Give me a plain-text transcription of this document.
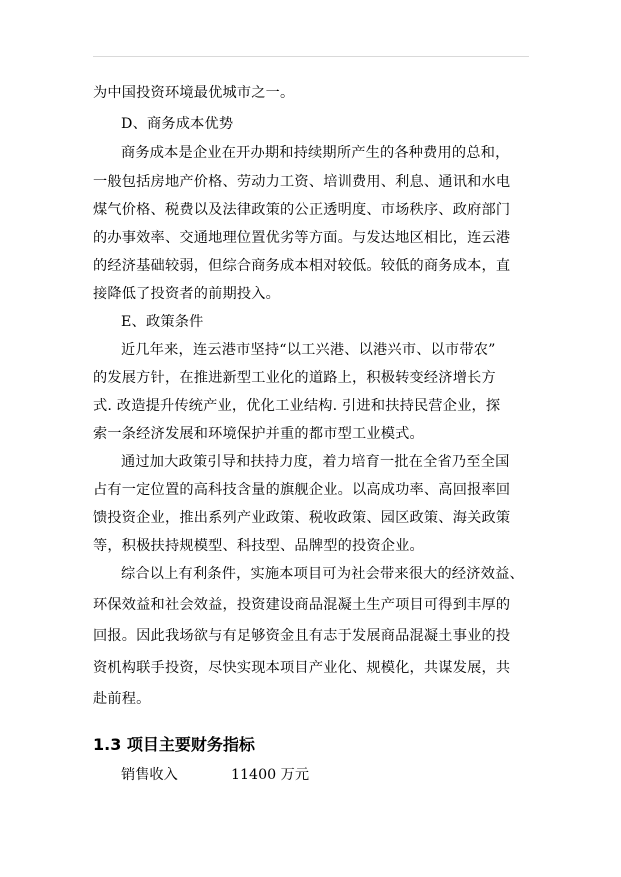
为中国投资环境最优城市之一。
D、商务成本优势
商务成本是企业在开办期和持续期所产生的各种费用的总和，
一般包括房地产价格、劳动力工资、培训费用、利息、通讯和水电
煤气价格、税费以及法律政策的公正透明度、市场秩序、政府部门
的办事效率、交通地理位置优劣等方面。与发达地区相比，连云港
的经济基础较弱，但综合商务成本相对较低。较低的商务成本，直
接降低了投资者的前期投入。
E、政策条件
近几年来，连云港市坚持“以工兴港、以港兴市、以市带农”
的发展方针，在推进新型工业化的道路上，积极转变经济增长方
式. 改造提升传统产业，优化工业结构. 引进和扶持民营企业，探
索一条经济发展和环境保护并重的都市型工业模式。
通过加大政策引导和扶持力度，着力培育一批在全省乃至全国
占有一定位置的高科技含量的旗舰企业。以高成功率、高回报率回
馈投资企业，推出系列产业政策、税收政策、园区政策、海关政策
等，积极扶持规模型、科技型、品牌型的投资企业。
综合以上有利条件，实施本项目可为社会带来很大的经济效益、
环保效益和社会效益，投资建设商品混凝土生产项目可得到丰厚的
回报。因此我场欲与有足够资金且有志于发展商品混凝土事业的投
资机构联手投资，尽快实现本项目产业化、规模化，共谋发展，共
赴前程。
1.3 项目主要财务指标
销售收入	11400 万元
